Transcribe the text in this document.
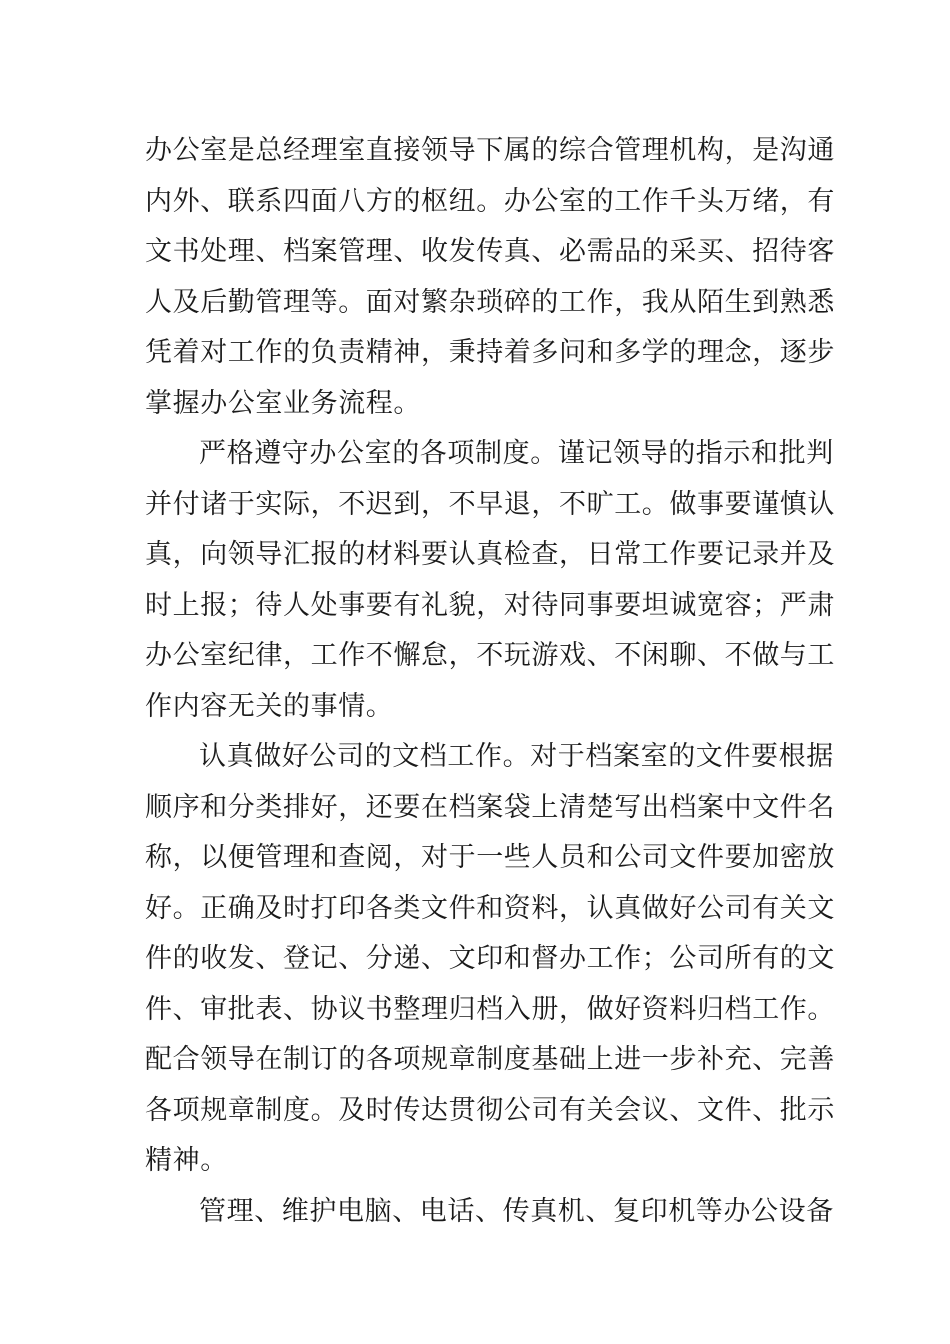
办公室是总经理室直接领导下属的综合管理机构，是沟通
内外、联系四面八方的枢纽。办公室的工作千头万绪，有
文书处理、档案管理、收发传真、必需品的采买、招待客
人及后勤管理等。面对繁杂琐碎的工作，我从陌生到熟悉
凭着对工作的负责精神，秉持着多问和多学的理念，逐步
掌握办公室业务流程。
严格遵守办公室的各项制度。谨记领导的指示和批判
并付诸于实际，不迟到，不早退，不旷工。做事要谨慎认
真，向领导汇报的材料要认真检查，日常工作要记录并及
时上报；待人处事要有礼貌，对待同事要坦诚宽容；严肃
办公室纪律，工作不懈怠，不玩游戏、不闲聊、不做与工
作内容无关的事情。
认真做好公司的文档工作。对于档案室的文件要根据
顺序和分类排好，还要在档案袋上清楚写出档案中文件名
称，以便管理和查阅，对于一些人员和公司文件要加密放
好。正确及时打印各类文件和资料，认真做好公司有关文
件的收发、登记、分递、文印和督办工作；公司所有的文
件、审批表、协议书整理归档入册，做好资料归档工作。
配合领导在制订的各项规章制度基础上进一步补充、完善
各项规章制度。及时传达贯彻公司有关会议、文件、批示
精神。
管理、维护电脑、电话、传真机、复印机等办公设备
